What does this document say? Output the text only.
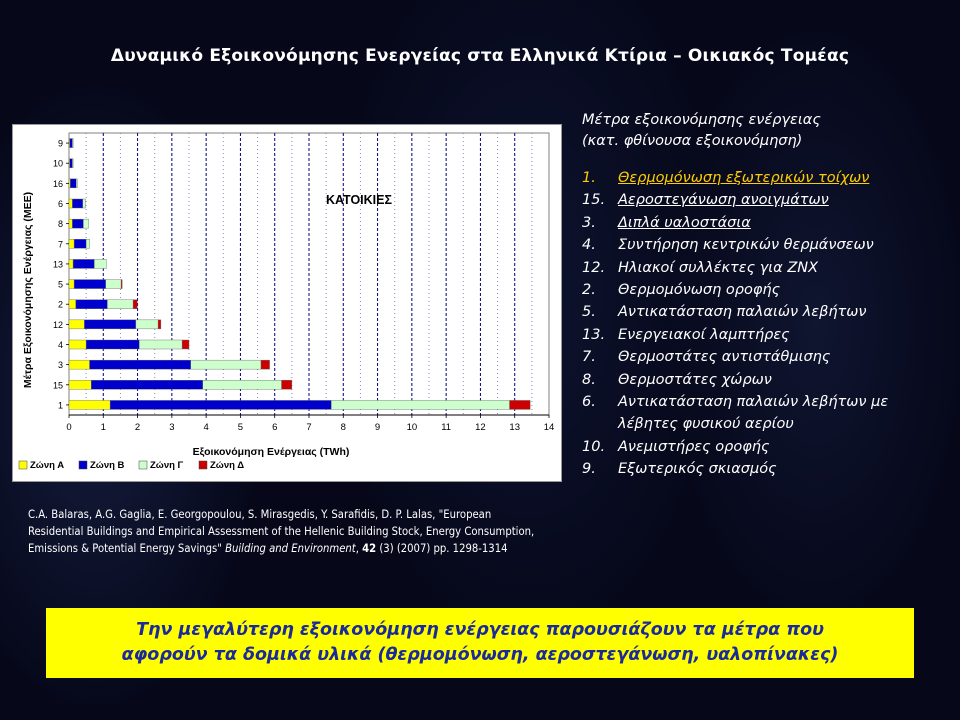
Δυναμικό Εξοικονόμησης Ενεργείας στα Ελληνικά Κτίρια – Οικιακός Τομέας
9
10
16
6
8
7
13
5
2
12
4
3
15
1
0	1	2	3	4	5	6	7	8	9	10	11	12 13 14
ΚΑΤΟΙΚΙΕΣ
Εξοικονόμηση Ενέργειας (TWh)
Μέτρα Εξοικονόμησης Ενέργειας (ΜΕΕ)
Ζώνη Α	Ζώνη Β	Ζώνη Γ	Ζώνη Δ
Μέτρα εξοικονόμησης ενέργειας
(κατ. φθίνουσα εξοικονόμηση)
1.	Θερμομόνωση εξωτερικών τοίχων
15. Αεροστεγάνωση ανοιγμάτων
3.	Διπλά υαλοστάσια
4.	Συντήρηση κεντρικών θερμάνσεων
12. Ηλιακοί συλλέκτες για ΖΝΧ
2.	Θερμομόνωση οροφής
5.	Αντικατάσταση παλαιών λεβήτων
13. Ενεργειακοί λαμπτήρες
7.	Θερμοστάτες αντιστάθμισης
8.	Θερμοστάτες χώρων
6.	Αντικατάσταση παλαιών λεβήτων με λέβητες φυσικού αερίου
10. Ανεμιστήρες οροφής
9.	Εξωτερικός σκιασμός
C.A. Balaras, A.G. Gaglia, E. Georgopoulou, S. Mirasgedis, Y. Sarafidis, D. P. Lalas, "European Residential Buildings and Empirical Assessment of the Hellenic Building Stock, Energy Consumption, Emissions & Potential Energy Savings" Building and Environment, 42 (3) (2007) pp. 1298-1314
Την μεγαλύτερη εξοικονόμηση ενέργειας παρουσιάζουν τα μέτρα που
αφορούν τα δομικά υλικά (θερμομόνωση, αεροστεγάνωση, υαλοπίνακες)
